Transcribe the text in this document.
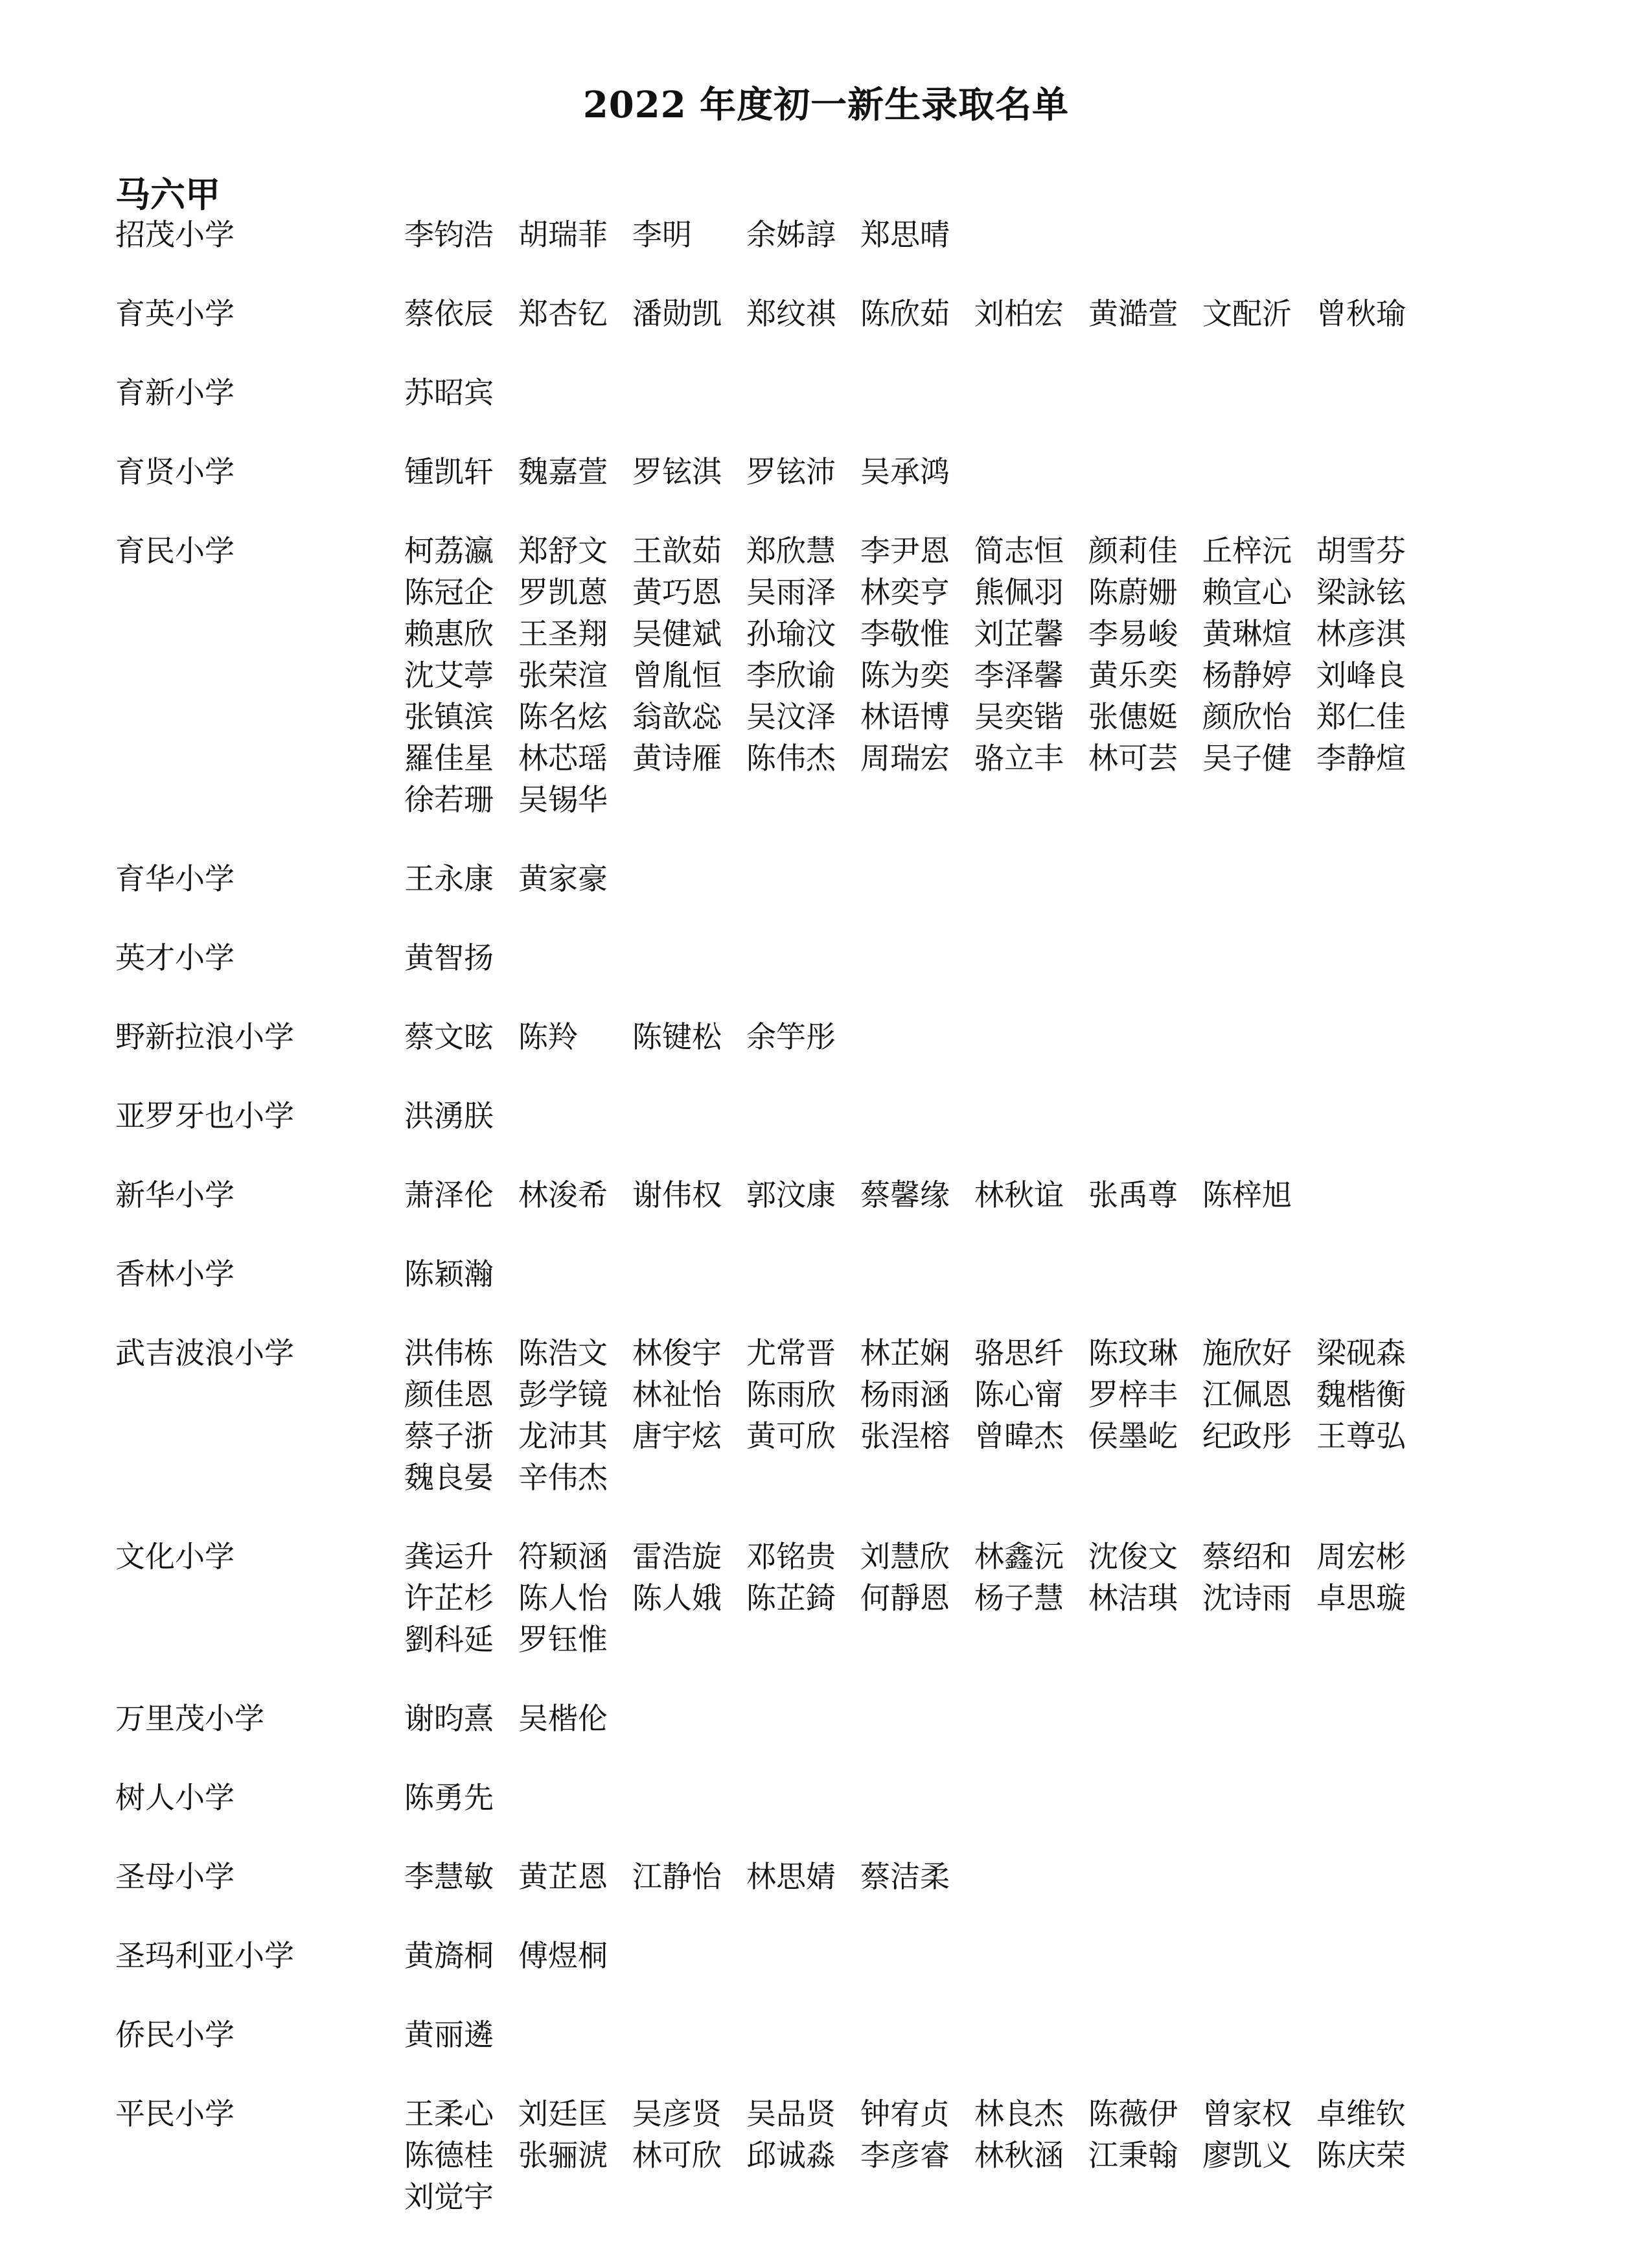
2022 年度初一新生录取名单
马六甲
招茂小学	李钧浩 胡瑞菲 李明	余姊諄 郑思晴
育英小学	蔡依辰 郑杏钇 潘勋凯 郑纹祺 陈欣茹 刘柏宏 黄澔萱 文配沂 曾秋瑜
育新小学	苏昭宾
育贤小学	锺凯轩 魏嘉萱 罗铉淇 罗铉沛 吴承鸿
育民小学	柯荔瀛 郑舒文 王歆茹 郑欣慧 李尹恩 简志恒 颜莉佳 丘梓沅 胡雪芬
陈冠企 罗凯蒽 黄巧恩 吴雨泽 林奕亨 熊佩羽 陈蔚姗 赖宣心 梁詠铉
赖惠欣 王圣翔 吴健斌 孙瑜汶 李敬惟 刘芷馨 李易峻 黄琳煊 林彦淇
沈艾葶 张荣渲 曾胤恒 李欣谕 陈为奕 李泽馨 黄乐奕 杨静婷 刘峰良
张镇滨 陈名炫 翁歆惢 吴汶泽 林语博 吴奕锴 张僡娗 颜欣怡 郑仁佳
羅佳星 林芯瑶 黄诗雁 陈伟杰 周瑞宏 骆立丰 林可芸 吴子健 李静煊
徐若珊 吴锡华
育华小学	王永康 黄家豪
英才小学	黄智扬
野新拉浪小学	蔡文昡 陈羚	陈键松 余竽彤
亚罗牙也小学	洪湧朕
新华小学	萧泽伦 林浚希 谢伟权 郭汶康 蔡馨缘 林秋谊 张禹尊 陈梓旭
香林小学	陈颖瀚
武吉波浪小学	洪伟栋 陈浩文 林俊宇 尤常晋 林芷娴 骆思纤 陈玟琳 施欣好 梁砚森
颜佳恩 彭学镜 林祉怡 陈雨欣 杨雨涵 陈心甯 罗梓丰 江佩恩 魏楷衡
蔡子浙 龙沛其 唐宇炫 黄可欣 张浧榕 曾暐杰 侯墨屹 纪政彤 王尊弘
魏良晏 辛伟杰
文化小学	龚运升 符颖涵 雷浩旋 邓铭贵 刘慧欣 林鑫沅 沈俊文 蔡绍和 周宏彬
许芷杉 陈人怡 陈人娥 陈芷錡 何靜恩 杨子慧 林洁琪 沈诗雨 卓思璇
劉科延 罗钰惟
万里茂小学	谢昀熹 吴楷伦
树人小学	陈勇先
圣母小学	李慧敏 黄芷恩 江静怡 林思婧 蔡洁柔
圣玛利亚小学	黄旖桐 傅煜桐
侨民小学	黄丽遴
平民小学	王柔心 刘廷匡 吴彦贤 吴品贤 钟宥贞 林良杰 陈薇伊 曾家权 卓维钦
陈德桂 张骊淲 林可欣 邱诚淼 李彦睿 林秋涵 江秉翰 廖凯义 陈庆荣
刘觉宇
